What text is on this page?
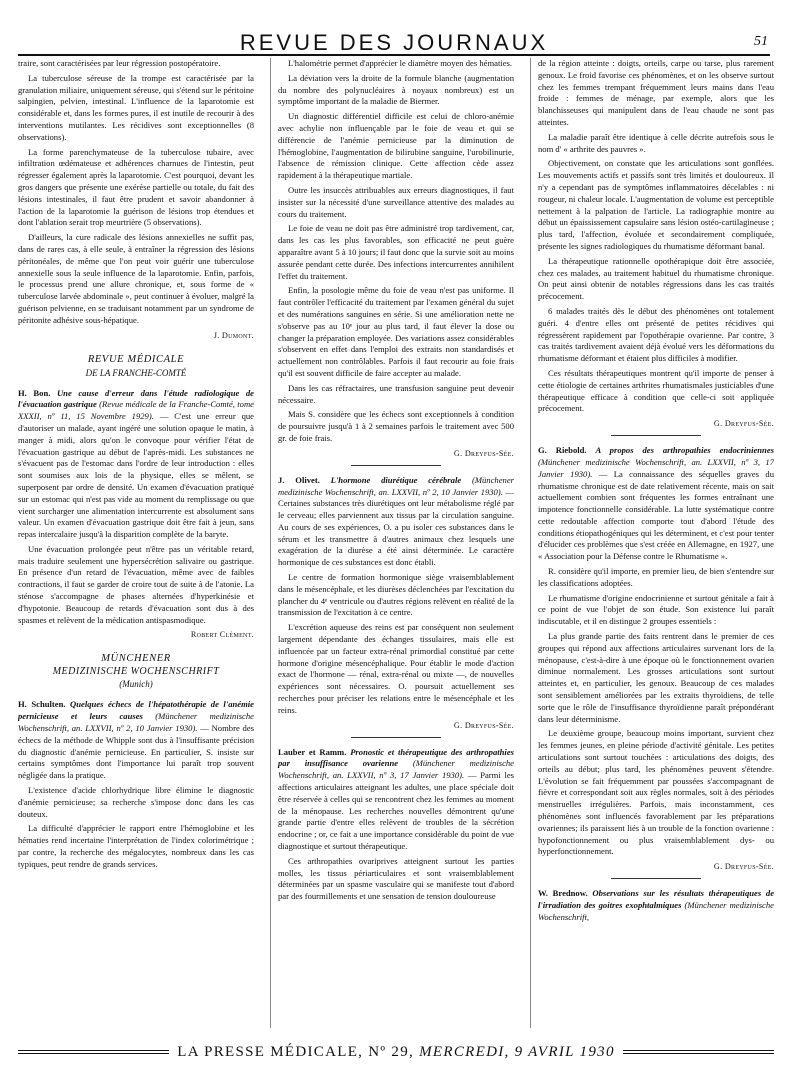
REVUE DES JOURNAUX	51

traire, sont caractérisées par leur régression postopératoire.

La tuberculose séreuse de la trompe est caractérisée par la granulation miliaire, uniquement séreuse, qui s'étend sur le péritoine salpingien, pelvien, intestinal. L'influence de la laparotomie est considérable et, dans les formes pures, il est inutile de recourir à des interventions mutilantes. Les récidives sont exceptionnelles (8 observations).

La forme parenchymateuse de la tuberculose tubaire, avec infiltration œdémateuse et adhérences charnues de l'intestin, peut régresser également après la laparotomie. C'est pourquoi, devant les gros dangers que présente une exérèse partielle ou totale, du fait des lésions intestinales, il faut être prudent et savoir abandonner à l'action de la laparotomie la guérison de lésions trop étendues et dont l'ablation serait trop meurtrière (5 observations).

D'ailleurs, la cure radicale des lésions annexielles ne suffit pas, dans de rares cas, à elle seule, à entraîner la régression des lésions péritonéales, de même que l'on peut voir guérir une tuberculose annexielle sous la seule influence de la laparotomie. Enfin, parfois, le processus prend une allure chronique, et, sous forme de « tuberculose larvée abdominale », peut continuer à évoluer, malgré la guérison pelvienne, en se traduisant notamment par un syndrome de péritonite adhésive sous-hépatique.

J. Dumont.
REVUE MÉDICALE
DE LA FRANCHE-COMTÉ

H. Bon. Une cause d'erreur dans l'étude radiologique de l'évacuation gastrique (Revue médicale de la Franche-Comté, tome XXXII, nº 11, 15 Novembre 1929). — C'est une erreur que d'autoriser un malade, ayant ingéré une solution opaque le matin, à manger à midi, alors qu'on le convoque pour vérifier l'état de l'évacuation gastrique au début de l'après-midi. Les substances ne s'évacuent pas de l'estomac dans l'ordre de leur introduction : elles sont soumises aux lois de la physique, elles se mêlent, se superposent par ordre de densité. Un examen d'évacuation pratiqué sur un estomac qui n'est pas vide au moment du remplissage ou que vient surcharger une alimentation intercurrente est absolument sans valeur. Un examen d'évacuation gastrique doit être fait à jeun, sans repas intercalaire jusqu'à la disparition complète de la baryte.

Une évacuation prolongée peut n'être pas un véritable retard, mais traduire seulement une hypersécrétion salivaire ou gastrique. En présence d'un retard de l'évacuation, même avec de faibles contractions, il faut se garder de croire tout de suite à de l'atonie. La sténose s'accompagne de phases alternées d'hyperkinésie et d'hypotonie. Beaucoup de retards d'évacuation sont dus à des spasmes et relèvent de la médication antispasmodique.

Robert Clément.
MÜNCHENER
MEDIZINISCHE WOCHENSCHRIFT
(Munich)

H. Schulten. Quelques échecs de l'hépatothérapie de l'anémie pernicieuse et leurs causes (Münchener medizinische Wochenschrift, an. LXXVII, nº 2, 10 Janvier 1930). — Nombre des échecs de la méthode de Whipple sont dus à l'insuffisante précision du diagnostic d'anémie pernicieuse. En particulier, S. insiste sur certains symptômes dont l'importance lui paraît trop souvent négligée dans la pratique.

L'existence d'acide chlorhydrique libre élimine le diagnostic d'anémie pernicieuse; sa recherche s'impose donc dans les cas douteux.

La difficulté d'apprécier le rapport entre l'hémoglobine et les hématies rend incertaine l'interprétation de l'index colorimétrique ; par contre, la recherche des mégalocytes, nombreux dans les cas typiques, peut rendre de grands services.

L'halométrie permet d'apprécier le diamètre moyen des hématies.

La déviation vers la droite de la formule blanche (augmentation du nombre des polynucléaires à noyaux nombreux) est un symptôme important de la maladie de Biermer.

Un diagnostic différentiel difficile est celui de chloro-anémie avec achylie non influençable par le foie de veau et qui se différencie de l'anémie pernicieuse par la diminution de l'hémoglobine, l'augmentation de bilirubine sanguine, l'urobilinurie, l'absence de rémission clinique. Cette affection cède assez rapidement à la thérapeutique martiale.

Outre les insuccès attribuables aux erreurs diagnostiques, il faut insister sur la nécessité d'une surveillance attentive des malades au cours du traitement.

Le foie de veau ne doit pas être administré trop tardivement, car, dans les cas les plus favorables, son efficacité ne peut guère apparaître avant 5 à 10 jours; il faut donc que la survie soit au moins assurée pendant cette durée. Des infections intercurrentes annihilent l'effet du traitement.

Enfin, la posologie même du foie de veau n'est pas uniforme. Il faut contrôler l'efficacité du traitement par l'examen général du sujet et des numérations sanguines en série. Si une amélioration nette ne s'observe pas au 10ᵉ jour au plus tard, il faut élever la dose ou changer la préparation employée. Des variations assez considérables s'observent en effet dans l'emploi des extraits non standardisés et actuellement non contrôlables. Parfois il faut recourir au foie frais qu'il est souvent difficile de faire accepter au malade.

Dans les cas réfractaires, une transfusion sanguine peut devenir nécessaire.

Mais S. considère que les échecs sont exceptionnels à condition de poursuivre jusqu'à 1 à 2 semaines parfois le traitement avec 500 gr. de foie frais.

G. Dreyfus-Sée.

J. Olivet. L'hormone diurétique cérébrale (Münchener medizinische Wochenschrift, an. LXXVII, nº 2, 10 Janvier 1930). — Certaines substances très diurétiques ont leur métabolisme réglé par le cerveau; elles parviennent aux tissus par la circulation sanguine. Au cours de ses expériences, O. a pu isoler ces substances dans le sérum et les transmettre à d'autres animaux chez lesquels une exagération de la diurèse a été ainsi déterminée. Le caractère hormonique de ces substances est donc établi.

Le centre de formation hormonique siège vraisemblablement dans le mésencéphale, et les diurèses déclenchées par l'excitation du plancher du 4ᵉ ventricule ou d'autres régions relèvent en réalité de la transmission de l'excitation à ce centre.

L'excrétion aqueuse des reins est par conséquent non seulement largement dépendante des échanges tissulaires, mais elle est influencée par un facteur extra-rénal primordial constitué par cette hormone d'origine mésencéphalique. Pour établir le mode d'action exact de l'hormone — rénal, extra-rénal ou mixte —, de nouvelles expériences sont nécessaires. O. poursuit actuellement ses recherches pour préciser les relations entre le mésencéphale et les reins.

G. Dreyfus-Sée.

Lauber et Ramm. Pronostic et thérapeutique des arthropathies par insuffisance ovarienne (Münchener medizinische Wochenschrift, an. LXXVII, nº 3, 17 Janvier 1930). — Parmi les affections articulaires atteignant les adultes, une place spéciale doit être réservée à celles qui se rencontrent chez les femmes au moment de la ménopause. Les recherches nouvelles démontrent qu'une grande partie d'entre elles relèvent de troubles de la sécrétion endocrine ; or, ce fait a une importance considérable du point de vue diagnostique et surtout thérapeutique.

Ces arthropathies ovariprives atteignent surtout les parties molles, les tissus périarticulaires et sont vraisemblablement déterminées par un spasme vasculaire qui se manifeste tout d'abord par des fourmillements et une sensation de tension douloureuse

de la région atteinte : doigts, orteils, carpe ou tarse, plus rarement genoux. Le froid favorise ces phénomènes, et on les observe surtout chez les femmes trempant fréquemment leurs mains dans l'eau froide : femmes de ménage, par exemple, alors que les blanchisseuses qui manipulent dans de l'eau chaude ne sont pas atteintes.

La maladie paraît être identique à celle décrite autrefois sous le nom d' « arthrite des pauvres ».

Objectivement, on constate que les articulations sont gonflées. Les mouvements actifs et passifs sont très limités et douloureux. Il n'y a cependant pas de symptômes inflammatoires décelables : ni rougeur, ni chaleur locale. L'augmentation de volume est perceptible nettement à la palpation de l'article. La radiographie montre au début un épaississement capsulaire sans lésion ostéo-cartilagineuse ; plus tard, l'affection, évoluée et secondairement compliquée, présente les signes radiologiques du rhumatisme déformant banal.

La thérapeutique rationnelle opothérapique doit être associée, chez ces malades, au traitement habituel du rhumatisme chronique. On peut ainsi obtenir de notables régressions dans les cas traités précocement.

6 malades traités dès le début des phénomènes ont totalement guéri. 4 d'entre elles ont présenté de petites récidives qui régressèrent rapidement par l'opothérapie ovarienne. Par contre, 3 cas traités tardivement avaient déjà évolué vers les déformations du rhumatisme déformant et étaient plus difficiles à modifier.

Ces résultats thérapeutiques montrent qu'il importe de penser à cette étiologie de certaines arthrites rhumatismales justiciables d'une thérapeutique efficace à condition que celle-ci soit appliquée précocement.

G. Dreyfus-Sée.

G. Riebold. A propos des arthropathies endocriniennes (Münchener medizinische Wochenschrift, an. LXXVII, nº 3, 17 Janvier 1930). — La connaissance des séquelles graves du rhumatisme chronique est de date relativement récente, mais on sait actuellement combien sont fréquentes les formes entraînant une impotence fonctionnelle considérable. La lutte systématique contre cette redoutable affection comporte tout d'abord l'étude des conditions étiopathogéniques qui les déterminent, et c'est pour tenter d'élucider ces problèmes que s'est créée en Allemagne, en 1927, une « Association pour la Défense contre le Rhumatisme ».

R. considère qu'il importe, en premier lieu, de bien s'entendre sur les classifications adoptées.

Le rhumatisme d'origine endocrinienne et surtout génitale a fait à ce point de vue l'objet de son étude. Son existence lui paraît indiscutable, et il en distingue 2 groupes essentiels :

La plus grande partie des faits rentrent dans le premier de ces groupes qui répond aux affections articulaires survenant lors de la ménopause, c'est-à-dire à une époque où le fonctionnement ovarien diminue normalement. Les grosses articulations sont surtout atteintes et, en particulier, les genoux. Beaucoup de ces malades sont sensiblement améliorées par les extraits thyroïdiens, de telle sorte que le rôle de l'insuffisance thyroïdienne paraît prépondérant dans leur déterminisme.

Le deuxième groupe, beaucoup moins important, survient chez les femmes jeunes, en pleine période d'activité génitale. Les petites articulations sont surtout touchées : articulations des doigts, des orteils au début; plus tard, les phénomènes peuvent s'étendre. L'évolution se fait fréquemment par poussées s'accompagnant de fièvre et correspondant soit aux règles normales, soit à des périodes menstruelles irrégulières. Parfois, mais inconstamment, ces phénomènes sont influencés favorablement par les préparations ovariennes; ils paraissent liés à un trouble de la fonction ovarienne : hypofonctionnement ou plus vraisemblablement dys- ou hyperfonctionnement.

G. Dreyfus-Sée.

W. Brednow. Observations sur les résultats thérapeutiques de l'irradiation des goitres exophtalmiques (Münchener medizinische Wochenschrift,

LA PRESSE MÉDICALE, Nº 29, MERCREDI, 9 AVRIL 1930
